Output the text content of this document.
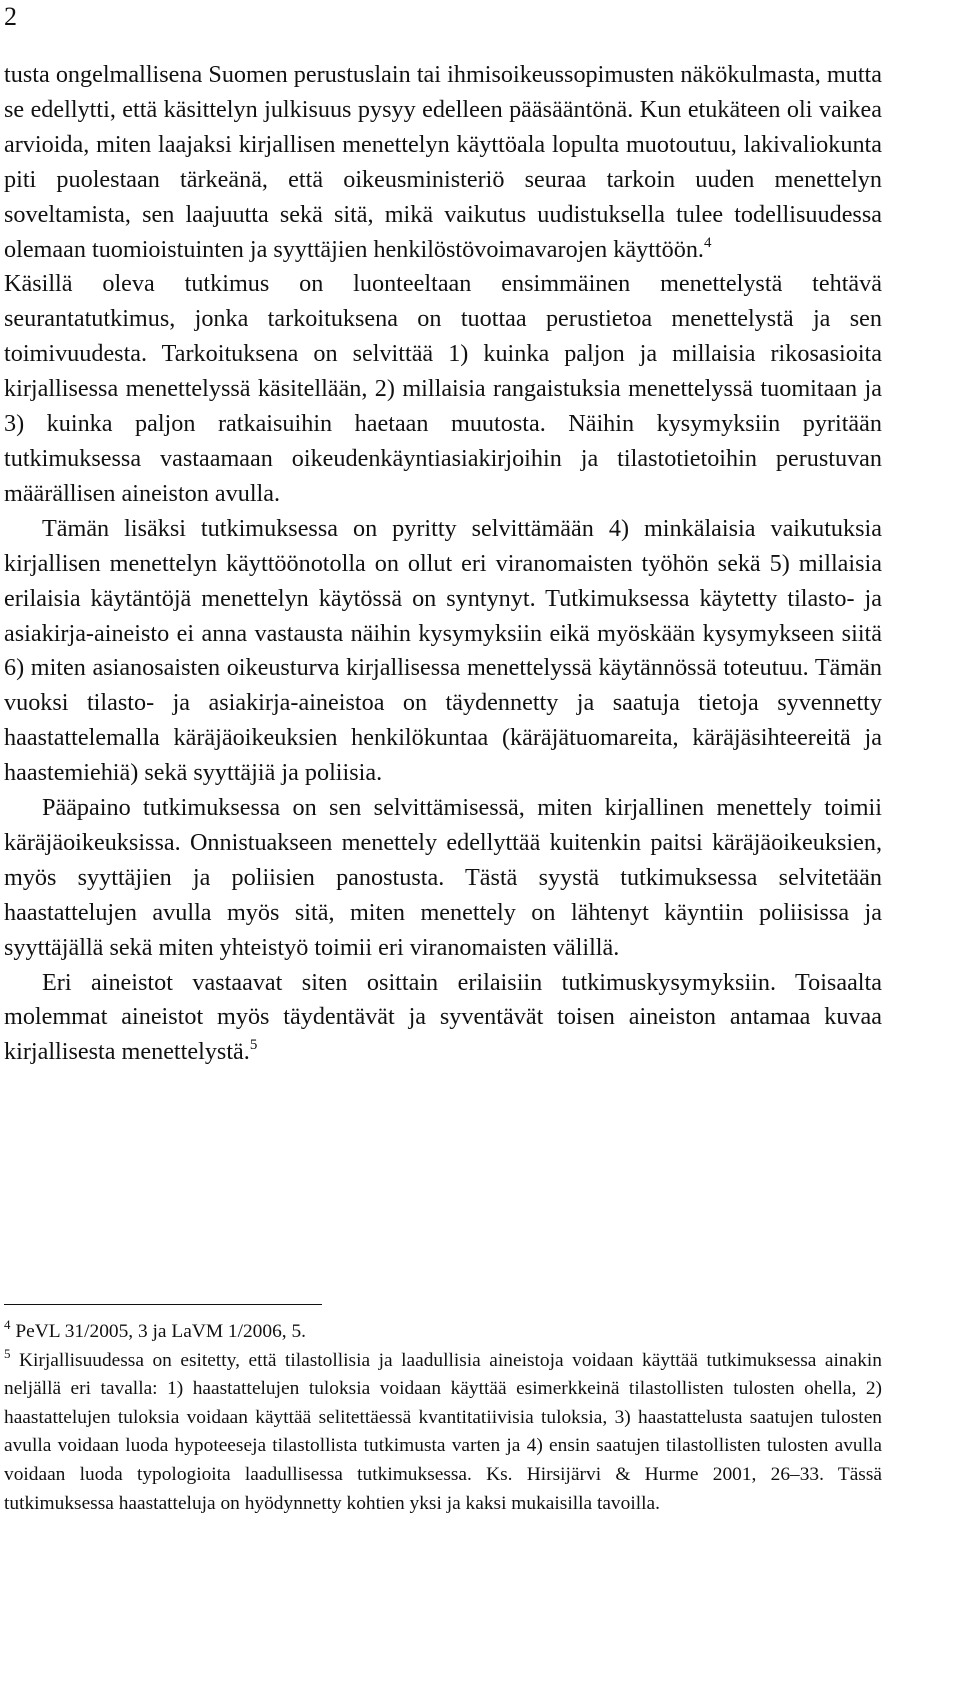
2

tusta ongelmallisena Suomen perustuslain tai ihmisoikeussopimusten näkökulmasta, mutta se edellytti, että käsittelyn julkisuus pysyy edelleen pääsääntönä. Kun etukäteen oli vaikea arvioida, miten laajaksi kirjallisen menettelyn käyttöala lopulta muotoutuu, lakivaliokunta piti puolestaan tärkeänä, että oikeusministeriö seuraa tarkoin uuden menettelyn soveltamista, sen laajuutta sekä sitä, mikä vaikutus uudistuksella tulee todellisuudessa olemaan tuomioistuinten ja syyttäjien henkilöstövoimavarojen käyttöön.$^4$

Käsillä oleva tutkimus on luonteeltaan ensimmäinen menettelystä tehtävä seurantatutkimus, jonka tarkoituksena on tuottaa perustietoa menettelystä ja sen toimivuudesta. Tarkoituksena on selvittää 1) kuinka paljon ja millaisia rikosasioita kirjallisessa menettelyssä käsitellään, 2) millaisia rangaistuksia menettelyssä tuomitaan ja 3) kuinka paljon ratkaisuihin haetaan muutosta. Näihin kysymyksiin pyritään tutkimuksessa vastaamaan oikeudenkäyntiasiakirjoihin ja tilastotietoihin perustuvan määrällisen aineiston avulla.

Tämän lisäksi tutkimuksessa on pyritty selvittämään 4) minkälaisia vaikutuksia kirjallisen menettelyn käyttöönotolla on ollut eri viranomaisten työhön sekä 5) millaisia erilaisia käytäntöjä menettelyn käytössä on syntynyt. Tutkimuksessa käytetty tilasto- ja asiakirja-aineisto ei anna vastausta näihin kysymyksiin eikä myöskään kysymykseen siitä 6) miten asianosaisten oikeusturva kirjallisessa menettelyssä käytännössä toteutuu. Tämän vuoksi tilasto- ja asiakirja-aineistoa on täydennetty ja saatuja tietoja syvennetty haastattelemalla käräjäoikeuksien henkilökuntaa (käräjätuomareita, käräjäsihteereitä ja haastemiehiä) sekä syyttäjiä ja poliisia.

Pääpaino tutkimuksessa on sen selvittämisessä, miten kirjallinen menettely toimii käräjäoikeuksissa. Onnistuakseen menettely edellyttää kuitenkin paitsi käräjäoikeuksien, myös syyttäjien ja poliisien panostusta. Tästä syystä tutkimuksessa selvitetään haastattelujen avulla myös sitä, miten menettely on lähtenyt käyntiin poliisissa ja syyttäjällä sekä miten yhteistyö toimii eri viranomaisten välillä.

Eri aineistot vastaavat siten osittain erilaisiin tutkimuskysymyksiin. Toisaalta molemmat aineistot myös täydentävät ja syventävät toisen aineiston antamaa kuvaa kirjallisesta menettelystä.$^5$

$^4$ PeVL 31/2005, 3 ja LaVM 1/2006, 5.

$^5$ Kirjallisuudessa on esitetty, että tilastollisia ja laadullisia aineistoja voidaan käyttää tutkimuksessa ainakin neljällä eri tavalla: 1) haastattelujen tuloksia voidaan käyttää esimerkkeinä tilastollisten tulosten ohella, 2) haastattelujen tuloksia voidaan käyttää selitettäessä kvantitatiivisia tuloksia, 3) haastattelusta saatujen tulosten avulla voidaan luoda hypoteeseja tilastollista tutkimusta varten ja 4) ensin saatujen tilastollisten tulosten avulla voidaan luoda typologioita laadullisessa tutkimuksessa. Ks. Hirsijärvi & Hurme 2001, 26–33. Tässä tutkimuksessa haastatteluja on hyödynnetty kohtien yksi ja kaksi mukaisilla tavoilla.
